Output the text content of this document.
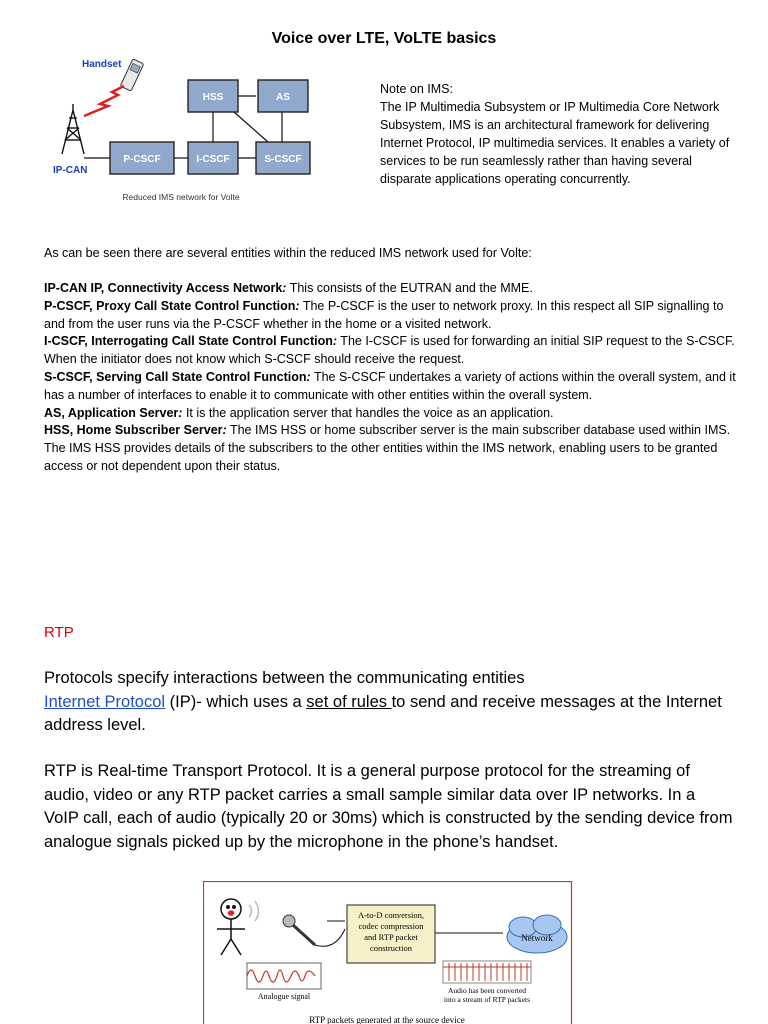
Voice over LTE, VoLTE basics
Handset
IP-CAN
HSS	AS
P-CSCF	I-CSCF	S-CSCF
Reduced IMS network for Volte
Note on IMS:
The IP Multimedia Subsystem or IP Multimedia Core Network Subsystem, IMS is an architectural framework for delivering Internet Protocol, IP multimedia services. It enables a variety of services to be run seamlessly rather than having several disparate applications operating concurrently.
As can be seen there are several entities within the reduced IMS network used for Volte:

IP-CAN IP, Connectivity Access Network: This consists of the EUTRAN and the MME.

P-CSCF, Proxy Call State Control Function: The P-CSCF is the user to network proxy. In this respect all SIP signalling to and from the user runs via the P-CSCF whether in the home or a visited network.

I-CSCF, Interrogating Call State Control Function: The I-CSCF is used for forwarding an initial SIP request to the S-CSCF. When the initiator does not know which S-CSCF should receive the request.

S-CSCF, Serving Call State Control Function: The S-CSCF undertakes a variety of actions within the overall system, and it has a number of interfaces to enable it to communicate with other entities within the overall system.

AS, Application Server: It is the application server that handles the voice as an application.

HSS, Home Subscriber Server: The IMS HSS or home subscriber server is the main subscriber database used within IMS. The IMS HSS provides details of the subscribers to the other entities within the IMS network, enabling users to be granted access or not dependent upon their status.

RTP
Protocols specify interactions between the communicating entities
Internet Protocol (IP)- which uses a set of rules to send and receive messages at the Internet address level.
RTP is Real-time Transport Protocol. It is a general purpose protocol for the streaming of audio, video or any RTP packet carries a small sample similar data over IP networks. In a VoIP call, each of audio (typically 20 or 30ms) which is constructed by the sending device from analogue signals picked up by the microphone in the phone’s handset.
A-to-D conversion,
codec compression
and RTP packet
construction
Network
Analogue signal
Audio has been converted
into a stream of RTP packets
RTP packets generated at the source device
